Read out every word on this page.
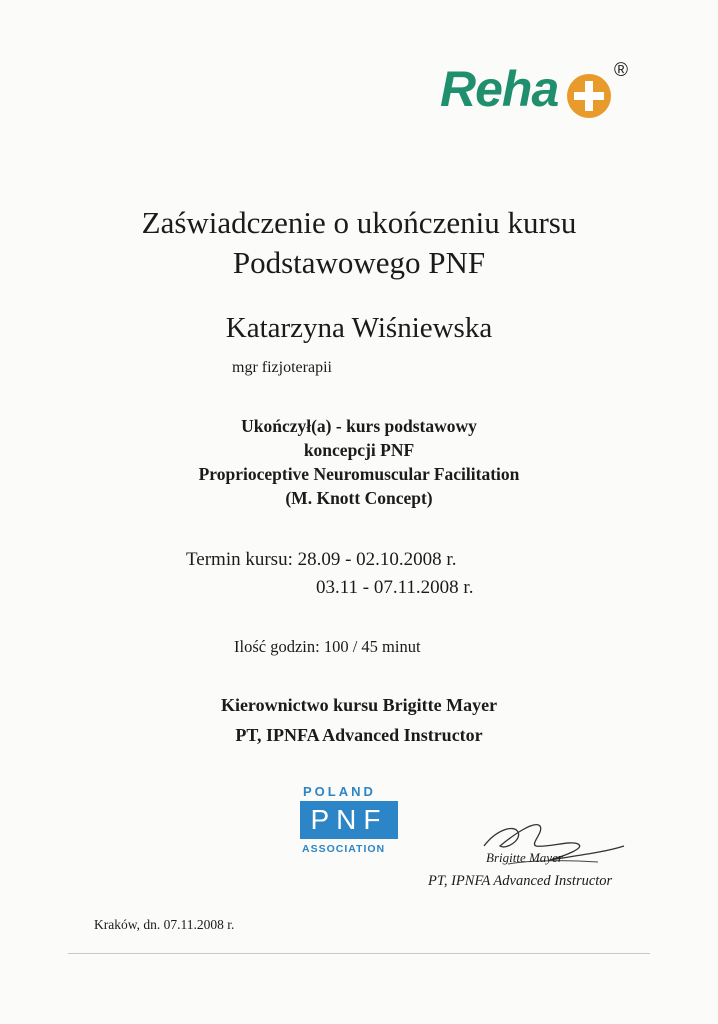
Reha	®
Zaświadczenie o ukończeniu kursu
Podstawowego PNF
Katarzyna Wiśniewska
mgr fizjoterapii
Ukończył(a) - kurs podstawowy
koncepcji PNF
Proprioceptive Neuromuscular Facilitation
(M. Knott Concept)
Termin kursu: 28.09 - 02.10.2008 r.
03.11 - 07.11.2008 r.
Ilość godzin: 100 / 45 minut
Kierownictwo kursu Brigitte Mayer
PT, IPNFA Advanced Instructor
POLAND
PNF
ASSOCIATION
Brigitte Mayer
PT, IPNFA Advanced Instructor
Kraków, dn. 07.11.2008 r.
